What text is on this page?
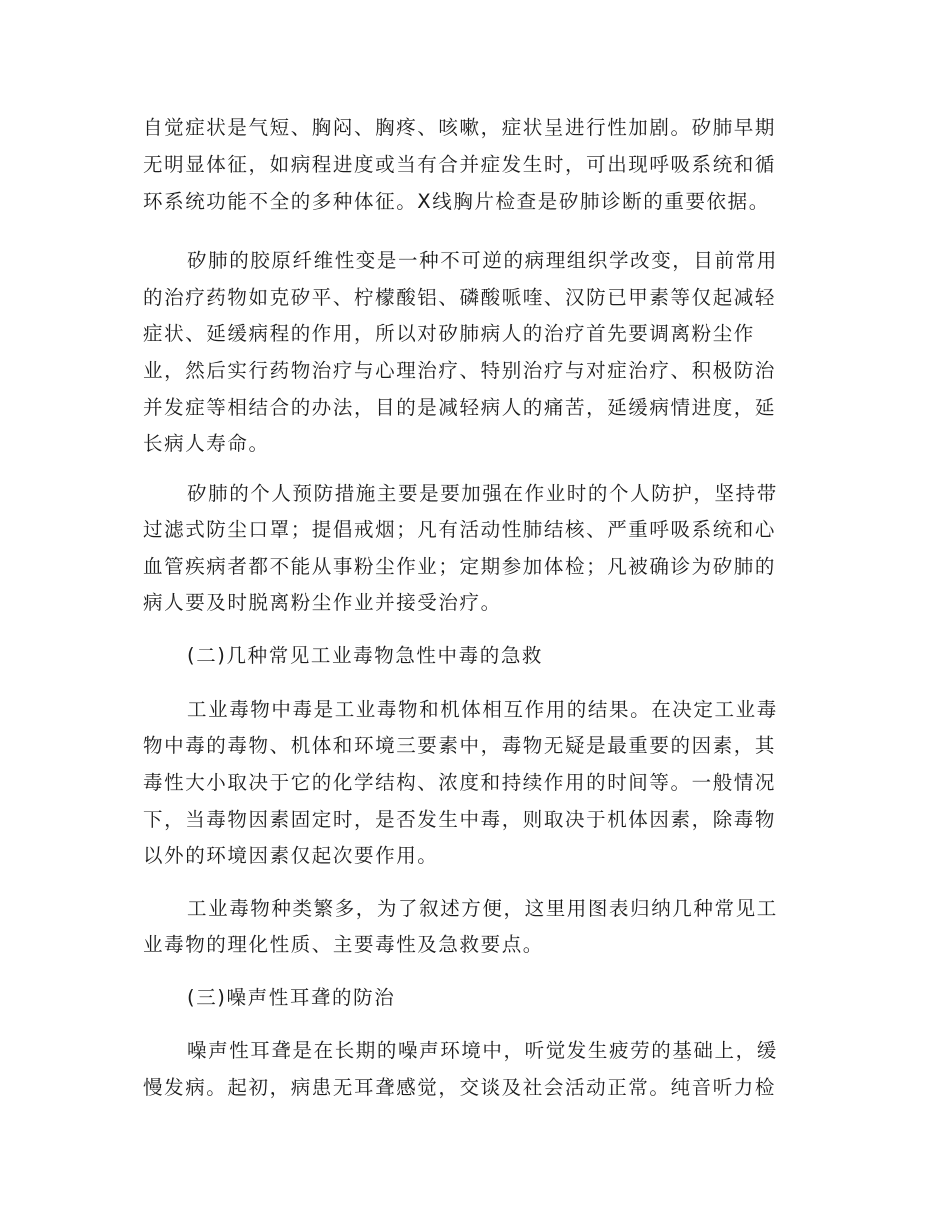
自觉症状是气短、胸闷、胸疼、咳嗽，症状呈进行性加剧。矽肺早期

无明显体征，如病程进度或当有合并症发生时，可出现呼吸系统和循

环系统功能不全的多种体征。X线胸片检查是矽肺诊断的重要依据。

矽肺的胶原纤维性变是一种不可逆的病理组织学改变，目前常用

的治疗药物如克矽平、柠檬酸铝、磷酸哌喹、汉防已甲素等仅起减轻

症状、延缓病程的作用，所以对矽肺病人的治疗首先要调离粉尘作

业，然后实行药物治疗与心理治疗、特别治疗与对症治疗、积极防治

并发症等相结合的办法，目的是减轻病人的痛苦，延缓病情进度，延

长病人寿命。

矽肺的个人预防措施主要是要加强在作业时的个人防护，坚持带

过滤式防尘口罩；提倡戒烟；凡有活动性肺结核、严重呼吸系统和心

血管疾病者都不能从事粉尘作业；定期参加体检；凡被确诊为矽肺的

病人要及时脱离粉尘作业并接受治疗。

(二)几种常见工业毒物急性中毒的急救

工业毒物中毒是工业毒物和机体相互作用的结果。在决定工业毒

物中毒的毒物、机体和环境三要素中，毒物无疑是最重要的因素，其

毒性大小取决于它的化学结构、浓度和持续作用的时间等。一般情况

下，当毒物因素固定时，是否发生中毒，则取决于机体因素，除毒物

以外的环境因素仅起次要作用。

工业毒物种类繁多，为了叙述方便，这里用图表归纳几种常见工

业毒物的理化性质、主要毒性及急救要点。

(三)噪声性耳聋的防治

噪声性耳聋是在长期的噪声环境中，听觉发生疲劳的基础上，缓

慢发病。起初，病患无耳聋感觉，交谈及社会活动正常。纯音听力检
